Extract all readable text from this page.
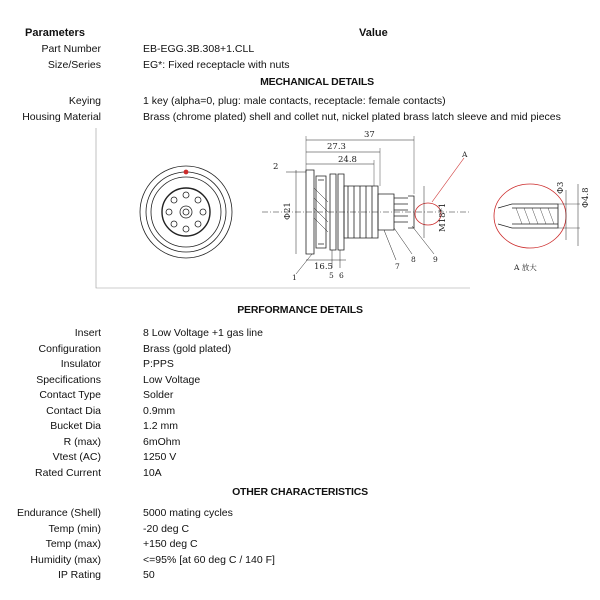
Parameters	Value
Part Number	EB-EGG.3B.308+1.CLL
Size/Series	EG*: Fixed receptacle with nuts
MECHANICAL DETAILS
Keying	1 key (alpha=0, plug: male contacts, receptacle: female contacts)
Housing Material	Brass (chrome plated) shell and collet nut, nickel plated brass latch sleeve and mid pieces
37
27.3
24.8
2
16.5
Φ21	M18*1
Φ3 Φ4.8
1	5 6
7
8 9
A
A 放大
PERFORMANCE DETAILS
Insert	8 Low Voltage +1 gas line
Configuration	Brass (gold plated)
Insulator	P:PPS
Specifications	Low Voltage
Contact Type	Solder
Contact Dia	0.9mm
Bucket Dia	1.2 mm
R (max)	6mOhm
Vtest (AC)	1250 V
Rated Current	10A
OTHER CHARACTERISTICS
Endurance (Shell)	5000 mating cycles
Temp (min)	-20 deg C
Temp (max)	+150 deg C
Humidity (max)	<=95% [at 60 deg C / 140 F]
IP Rating	50
